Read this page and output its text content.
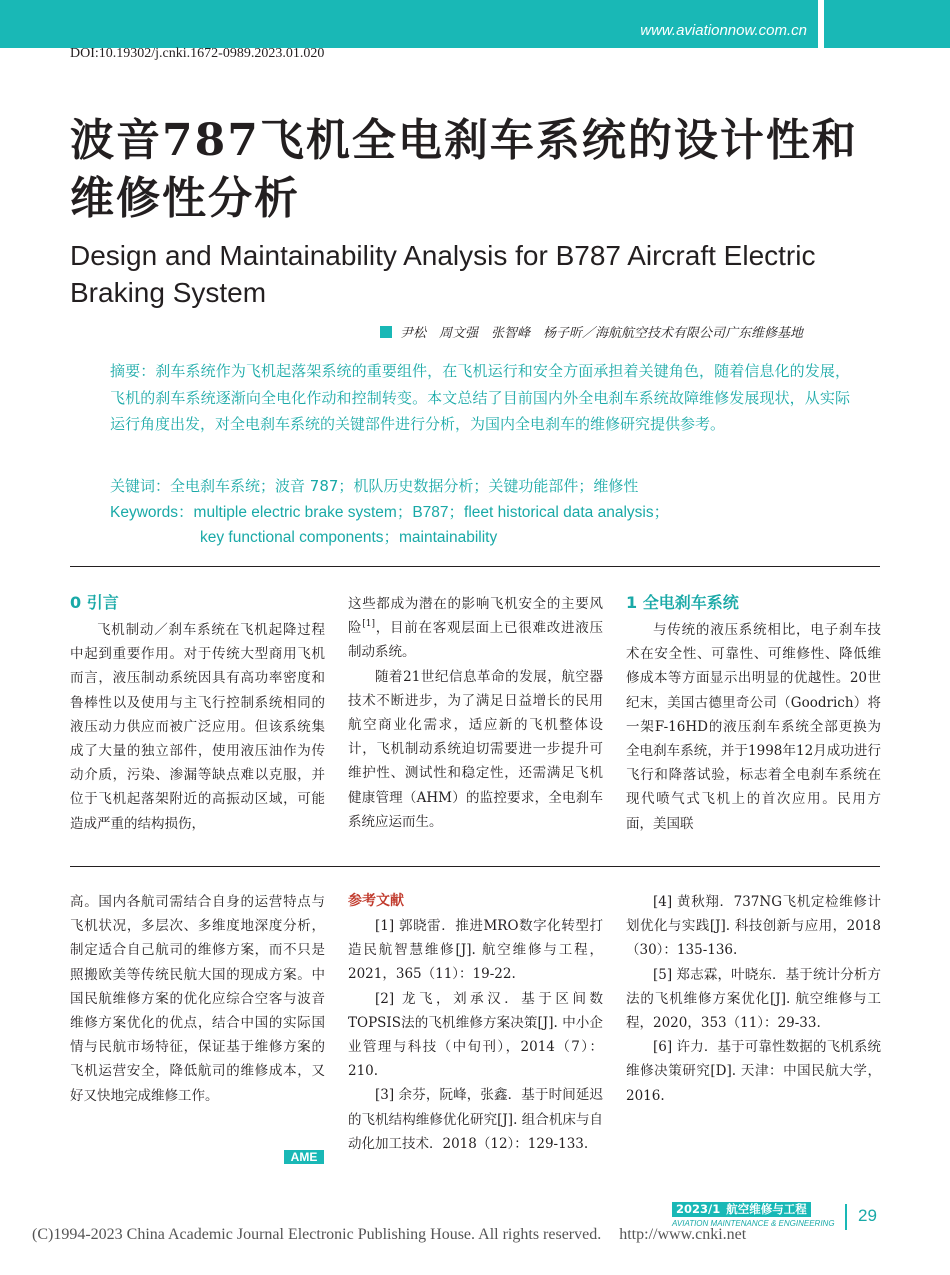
www.aviationnow.com.cn
DOI:10.19302/j.cnki.1672-0989.2023.01.020
波音787飞机全电刹车系统的设计性和维修性分析
Design and Maintainability Analysis for B787 Aircraft Electric Braking System
尹松　周文强　张智峰　杨子昕／海航航空技术有限公司广东维修基地
摘要：刹车系统作为飞机起落架系统的重要组件，在飞机运行和安全方面承担着关键角色，随着信息化的发展，飞机的刹车系统逐渐向全电化作动和控制转变。本文总结了目前国内外全电刹车系统故障维修发展现状，从实际运行角度出发，对全电刹车系统的关键部件进行分析，为国内全电刹车的维修研究提供参考。
关键词：全电刹车系统；波音 787；机队历史数据分析；关键功能部件；维修性
Keywords：multiple electric brake system；B787；fleet historical data analysis；
key functional components；maintainability
0 引言

飞机制动／刹车系统在飞机起降过程中起到重要作用。对于传统大型商用飞机而言，液压制动系统因具有高功率密度和鲁棒性以及使用与主飞行控制系统相同的液压动力供应而被广泛应用。但该系统集成了大量的独立部件，使用液压油作为传动介质，污染、渗漏等缺点难以克服，并位于飞机起落架附近的高振动区域，可能造成严重的结构损伤，

这些都成为潜在的影响飞机安全的主要风险[1]，目前在客观层面上已很难改进液压制动系统。

随着21世纪信息革命的发展，航空器技术不断进步，为了满足日益增长的民用航空商业化需求，适应新的飞机整体设计，飞机制动系统迫切需要进一步提升可维护性、测试性和稳定性，还需满足飞机健康管理（AHM）的监控要求，全电刹车系统应运而生。

1 全电刹车系统

与传统的液压系统相比，电子刹车技术在安全性、可靠性、可维修性、降低维修成本等方面显示出明显的优越性。20世纪末，美国古德里奇公司（Goodrich）将一架F-16HD的液压刹车系统全部更换为全电刹车系统，并于1998年12月成功进行飞行和降落试验，标志着全电刹车系统在现代喷气式飞机上的首次应用。民用方面，美国联

高。国内各航司需结合自身的运营特点与飞机状况，多层次、多维度地深度分析，制定适合自己航司的维修方案，而不只是照搬欧美等传统民航大国的现成方案。中国民航维修方案的优化应综合空客与波音维修方案优化的优点，结合中国的实际国情与民航市场特征，保证基于维修方案的飞机运营安全，降低航司的维修成本，又好又快地完成维修工作。

AME
参考文献

[1] 郭晓雷．推进MRO数字化转型打造民航智慧维修[J]. 航空维修与工程，2021，365（11）：19-22.

[2] 龙飞，刘承汉．基于区间数TOPSIS法的飞机维修方案决策[J]. 中小企业管理与科技（中旬刊），2014（7）：210.

[3] 余芬，阮峰，张鑫．基于时间延迟的飞机结构维修优化研究[J]. 组合机床与自动化加工技术．2018（12）：129-133.

[4] 黄秋翔．737NG飞机定检维修计划优化与实践[J]. 科技创新与应用，2018（30）：135-136.

[5] 郑志霖，叶晓东．基于统计分析方法的飞机维修方案优化[J]. 航空维修与工程，2020，353（11）：29-33.

[6] 许力．基于可靠性数据的飞机系统维修决策研究[D]. 天津：中国民航大学，2016.

2023/1 航空维修与工程
AVIATION MAINTENANCE & ENGINEERING 29
(C)1994-2023 China Academic Journal Electronic Publishing House. All rights reserved. http://www.cnki.net
